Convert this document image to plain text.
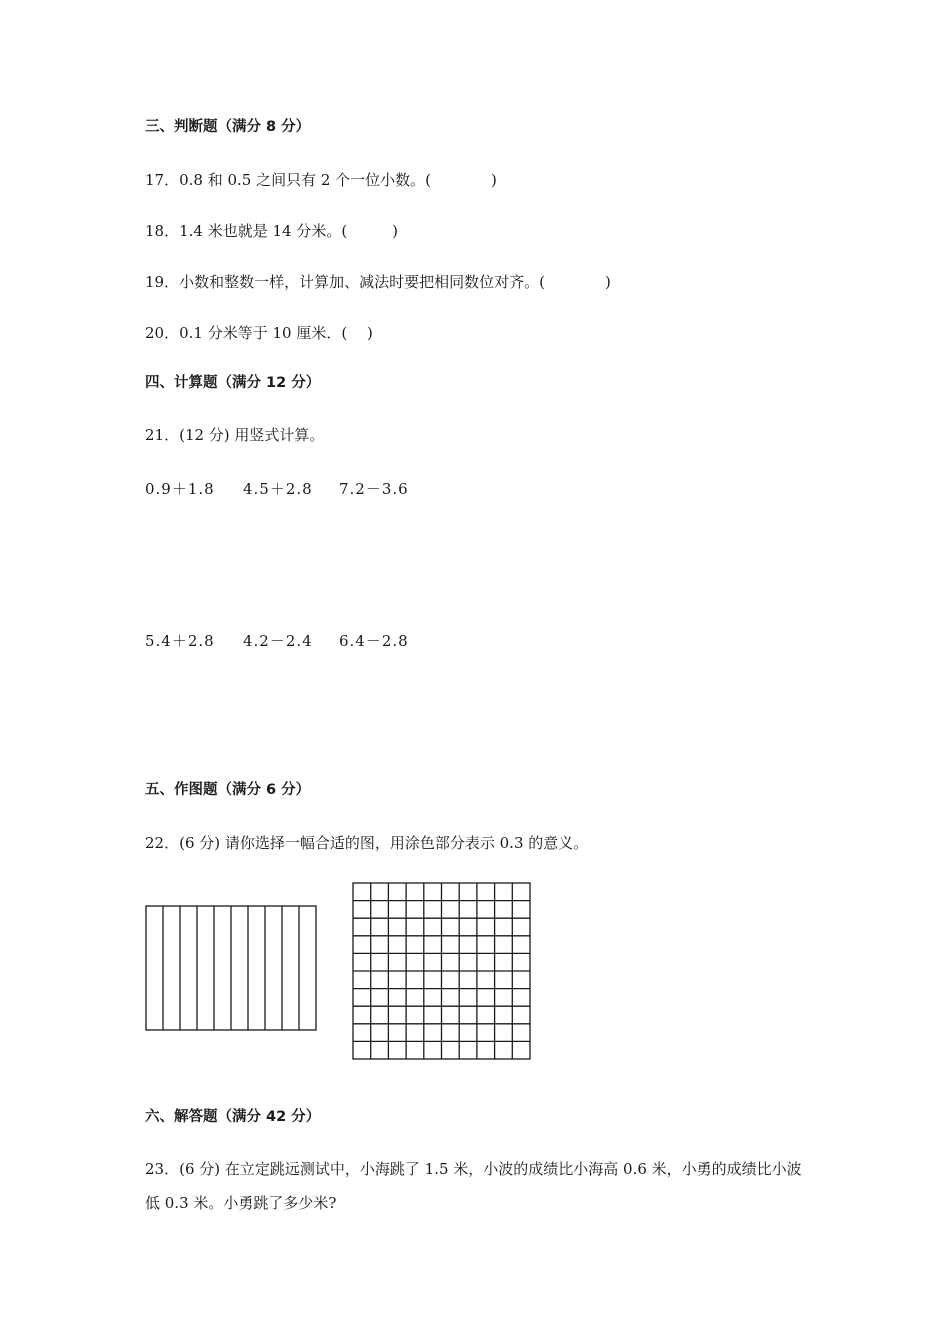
三、判断题（满分 8 分）
17．0.8 和 0.5 之间只有 2 个一位小数。(　　　　)
18．1.4 米也就是 14 分米。(　　　)
19．小数和整数一样，计算加、减法时要把相同数位对齐。(　　　　)
20．0.1 分米等于 10 厘米．(　 )
四、计算题（满分 12 分）
21．(12 分) 用竖式计算。
0.9＋1.8 4.5＋2.8 7.2－3.6
5.4＋2.8 4.2－2.4 6.4－2.8
五、作图题（满分 6 分）
22．(6 分) 请你选择一幅合适的图，用涂色部分表示 0.3 的意义。
六、解答题（满分 42 分）
23．(6 分) 在立定跳远测试中，小海跳了 1.5 米，小波的成绩比小海高 0.6 米，小勇的成绩比小波低 0.3 米。小勇跳了多少米?
